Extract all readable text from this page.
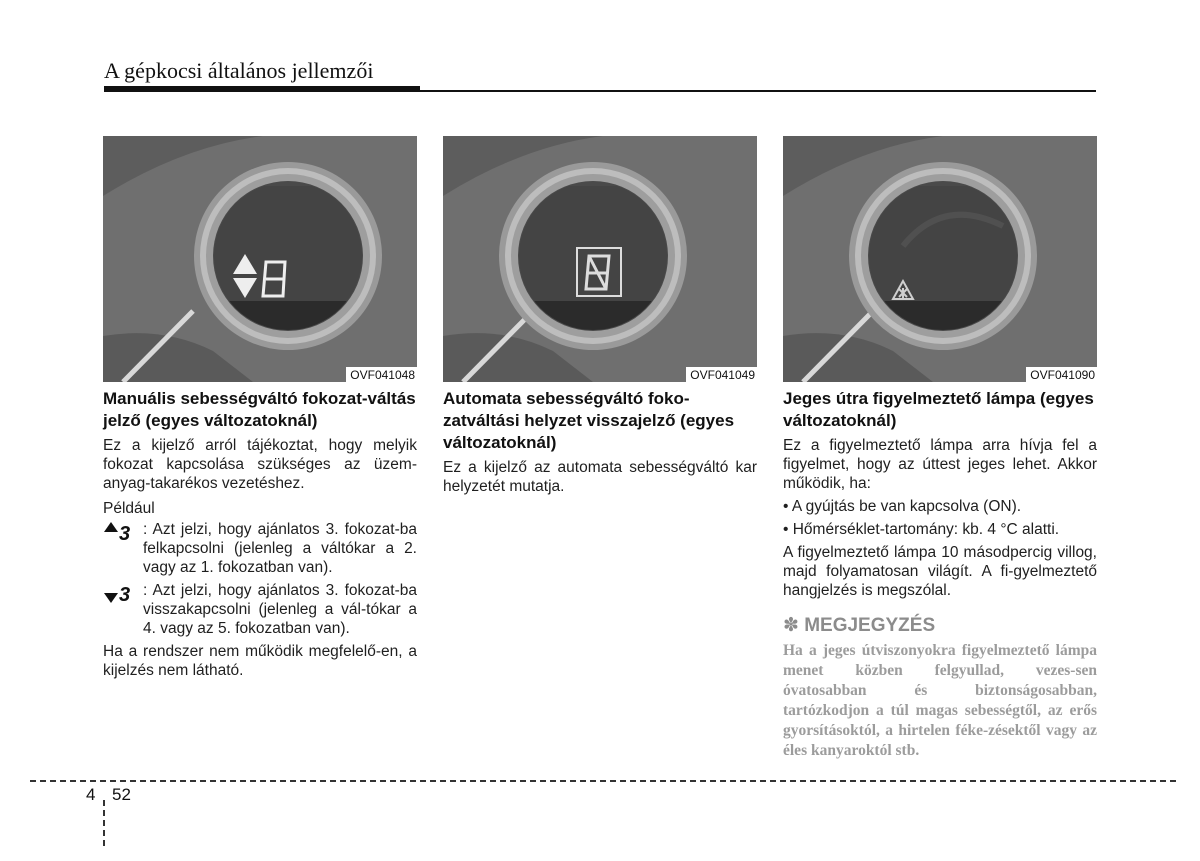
A gépkocsi általános jellemzői
OVF041048
Manuális sebességváltó fokozat-váltás jelző (egyes változatoknál)

Ez a kijelző arról tájékoztat, hogy melyik fokozat kapcsolása szükséges az üzem-anyag-takarékos vezetéshez.

Például

3 : Azt jelzi, hogy ajánlatos 3. fokozat-ba felkapcsolni (jelenleg a váltókar a 2. vagy az 1. fokozatban van).
3 : Azt jelzi, hogy ajánlatos 3. fokozat-ba visszakapcsolni (jelenleg a vál-tókar a 4. vagy az 5. fokozatban van).

Ha a rendszer nem működik megfelelő-en, a kijelzés nem látható.

OVF041049
Automata sebességváltó foko-zatváltási helyzet visszajelző (egyes változatoknál)

Ez a kijelző az automata sebességváltó kar helyzetét mutatja.

OVF041090
Jeges útra figyelmeztető lámpa (egyes változatoknál)

Ez a figyelmeztető lámpa arra hívja fel a figyelmet, hogy az úttest jeges lehet. Akkor működik, ha:

• A gyújtás be van kapcsolva (ON).
• Hőmérséklet-tartomány: kb. 4 °C alatti.

A figyelmeztető lámpa 10 másodpercig villog, majd folyamatosan világít. A fi-gyelmeztető hangjelzés is megszólal.

✽ MEGJEGYZÉS
Ha a jeges útviszonyokra figyelmeztető lámpa menet közben felgyullad, vezes-sen óvatosabban és biztonságosabban, tartózkodjon a túl magas sebességtől, az erős gyorsításoktól, a hirtelen féke-zésektől vagy az éles kanyaroktól stb.
4 52
